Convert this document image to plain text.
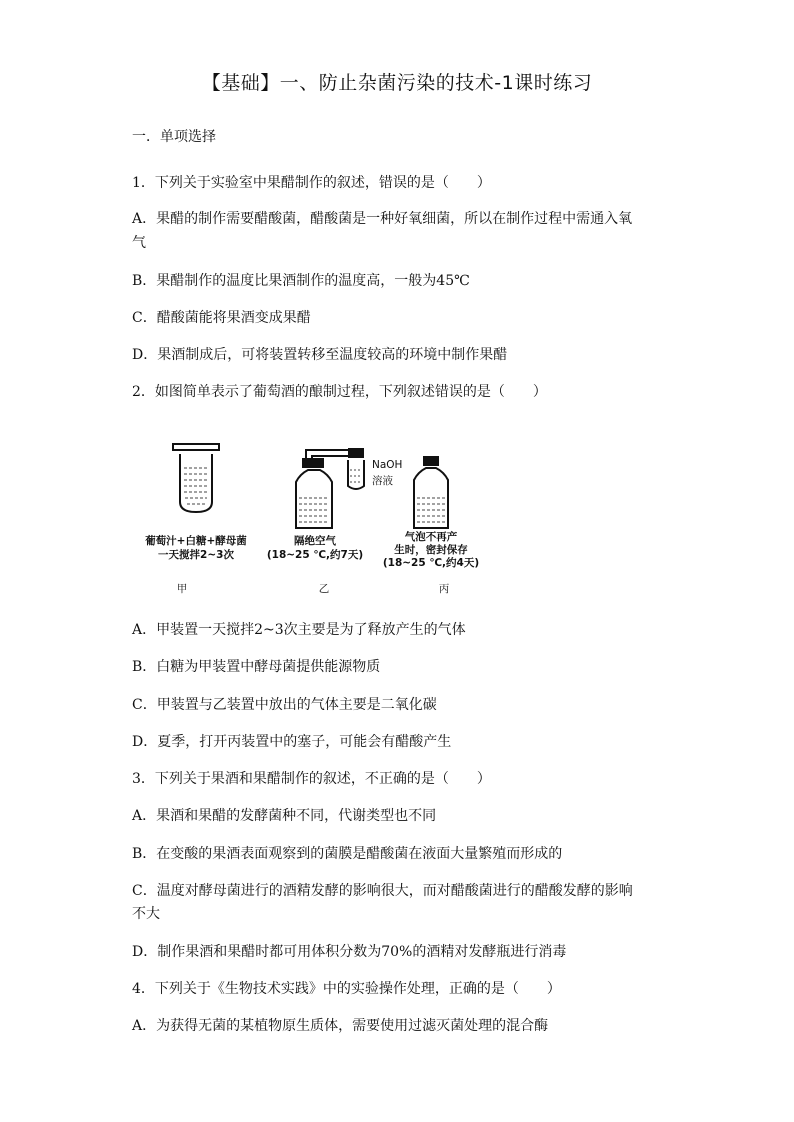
【基础】一、防止杂菌污染的技术-1课时练习
一．单项选择
1．下列关于实验室中果醋制作的叙述，错误的是（　　）
A．果醋的制作需要醋酸菌，醋酸菌是一种好氧细菌，所以在制作过程中需通入氧
气
B．果醋制作的温度比果酒制作的温度高，一般为45℃
C．醋酸菌能将果酒变成果醋
D．果酒制成后，可将装置转移至温度较高的环境中制作果醋
2．如图简单表示了葡萄酒的酿制过程，下列叙述错误的是（　　）
NaOH
溶液
葡萄汁+白糖+酵母菌
一天搅拌2~3次
隔绝空气
(18~25 ℃,约7天)
气泡不再产
生时，密封保存
(18~25 ℃,约4天)
甲	乙	丙
A．甲装置一天搅拌2~3次主要是为了释放产生的气体
B．白糖为甲装置中酵母菌提供能源物质
C．甲装置与乙装置中放出的气体主要是二氧化碳
D．夏季，打开丙装置中的塞子，可能会有醋酸产生
3．下列关于果酒和果醋制作的叙述，不正确的是（　　）
A．果酒和果醋的发酵菌种不同，代谢类型也不同
B．在变酸的果酒表面观察到的菌膜是醋酸菌在液面大量繁殖而形成的
C．温度对酵母菌进行的酒精发酵的影响很大，而对醋酸菌进行的醋酸发酵的影响
不大
D．制作果酒和果醋时都可用体积分数为70%的酒精对发酵瓶进行消毒
4．下列关于《生物技术实践》中的实验操作处理，正确的是（　　）
A．为获得无菌的某植物原生质体，需要使用过滤灭菌处理的混合酶
